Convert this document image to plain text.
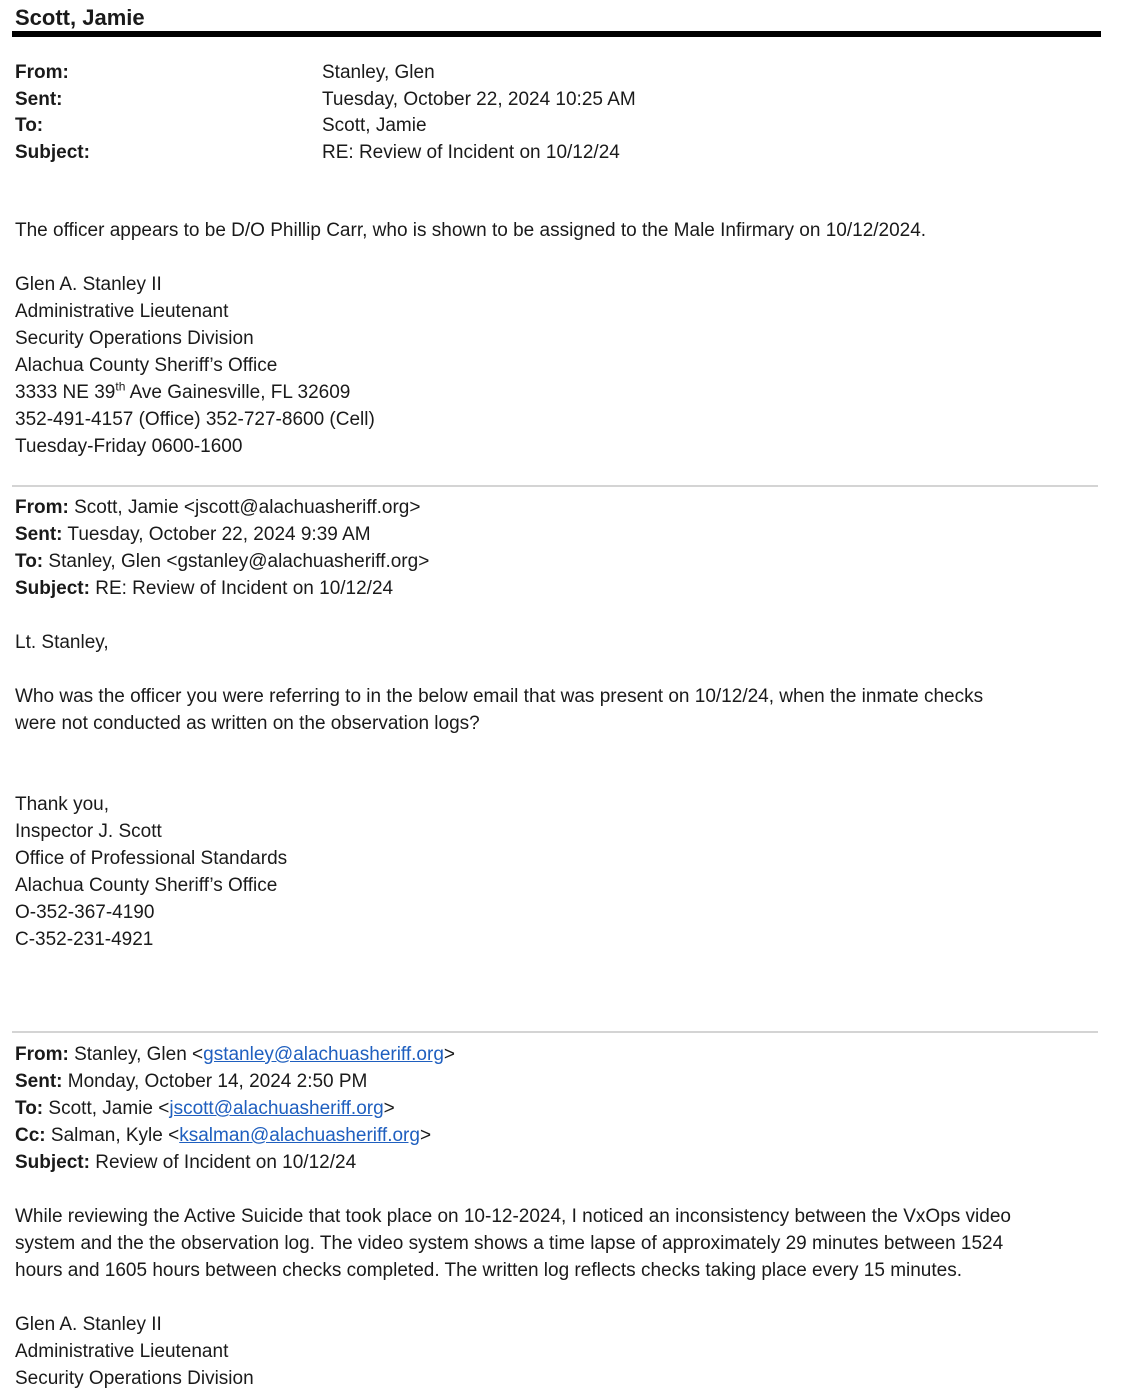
Scott, Jamie
From:	Stanley, Glen
Sent:	Tuesday, October 22, 2024 10:25 AM
To:	Scott, Jamie
Subject:	RE: Review of Incident on 10/12/24
The officer appears to be D/O Phillip Carr, who is shown to be assigned to the Male Infirmary on 10/12/2024.
Glen A. Stanley II
Administrative Lieutenant
Security Operations Division
Alachua County Sheriff’s Office
3333 NE 39th Ave Gainesville, FL 32609
352-491-4157 (Office) 352-727-8600 (Cell)
Tuesday-Friday 0600-1600
From: Scott, Jamie <jscott@alachuasheriff.org>
Sent: Tuesday, October 22, 2024 9:39 AM
To: Stanley, Glen <gstanley@alachuasheriff.org>
Subject: RE: Review of Incident on 10/12/24
Lt. Stanley,
Who was the officer you were referring to in the below email that was present on 10/12/24, when the inmate checks
were not conducted as written on the observation logs?
Thank you,
Inspector J. Scott
Office of Professional Standards
Alachua County Sheriff’s Office
O-352-367-4190
C-352-231-4921
From: Stanley, Glen <gstanley@alachuasheriff.org>
Sent: Monday, October 14, 2024 2:50 PM
To: Scott, Jamie <jscott@alachuasheriff.org>
Cc: Salman, Kyle <ksalman@alachuasheriff.org>
Subject: Review of Incident on 10/12/24
While reviewing the Active Suicide that took place on 10-12-2024, I noticed an inconsistency between the VxOps video
system and the the observation log. The video system shows a time lapse of approximately 29 minutes between 1524
hours and 1605 hours between checks completed. The written log reflects checks taking place every 15 minutes.
Glen A. Stanley II
Administrative Lieutenant
Security Operations Division
